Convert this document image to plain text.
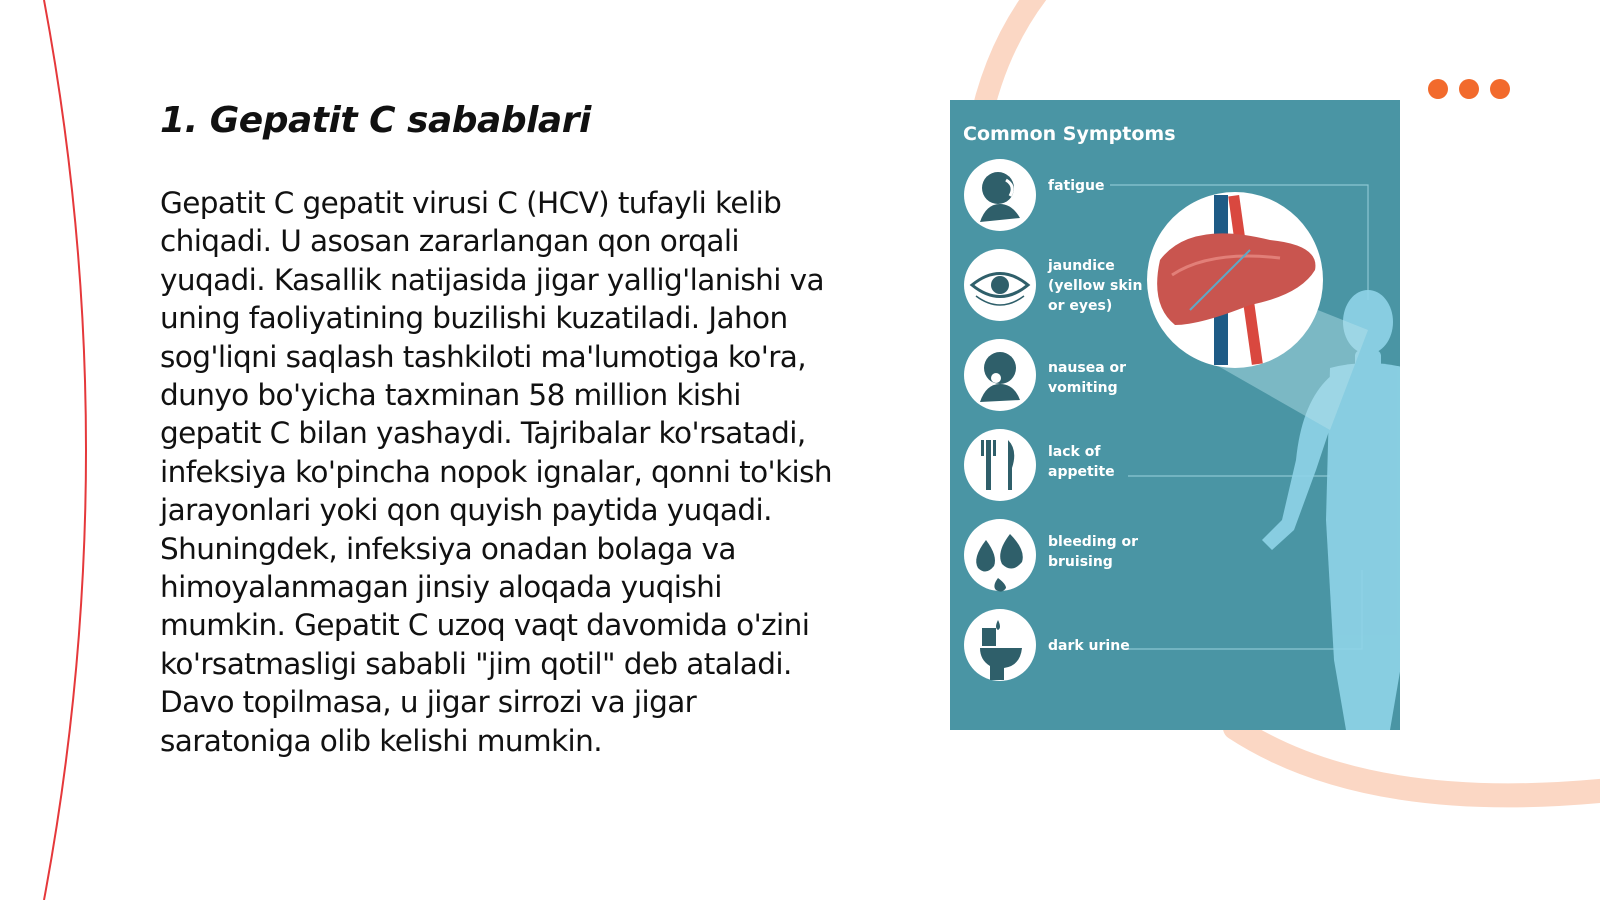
1. Gepatit C sabablari

Gepatit C gepatit virusi C (HCV) tufayli kelib chiqadi. U asosan zararlangan qon orqali yuqadi. Kasallik natijasida jigar yallig'lanishi va uning faoliyatining buzilishi kuzatiladi. Jahon sog'liqni saqlash tashkiloti ma'lumotiga ko'ra, dunyo bo'yicha taxminan 58 million kishi gepatit C bilan yashaydi. Tajribalar ko'rsatadi, infeksiya ko'pincha nopok ignalar, qonni to'kish jarayonlari yoki qon quyish paytida yuqadi. Shuningdek, infeksiya onadan bolaga va himoyalanmagan jinsiy aloqada yuqishi mumkin. Gepatit C uzoq vaqt davomida o'zini ko'rsatmasligi sababli "jim qotil" deb ataladi. Davo topilmasa, u jigar sirrozi va jigar saratoniga olib kelishi mumkin.

Common Symptoms
fatigue
jaundice (yellow skin or eyes)
nausea or vomiting
lack of appetite
bleeding or bruising
dark urine
